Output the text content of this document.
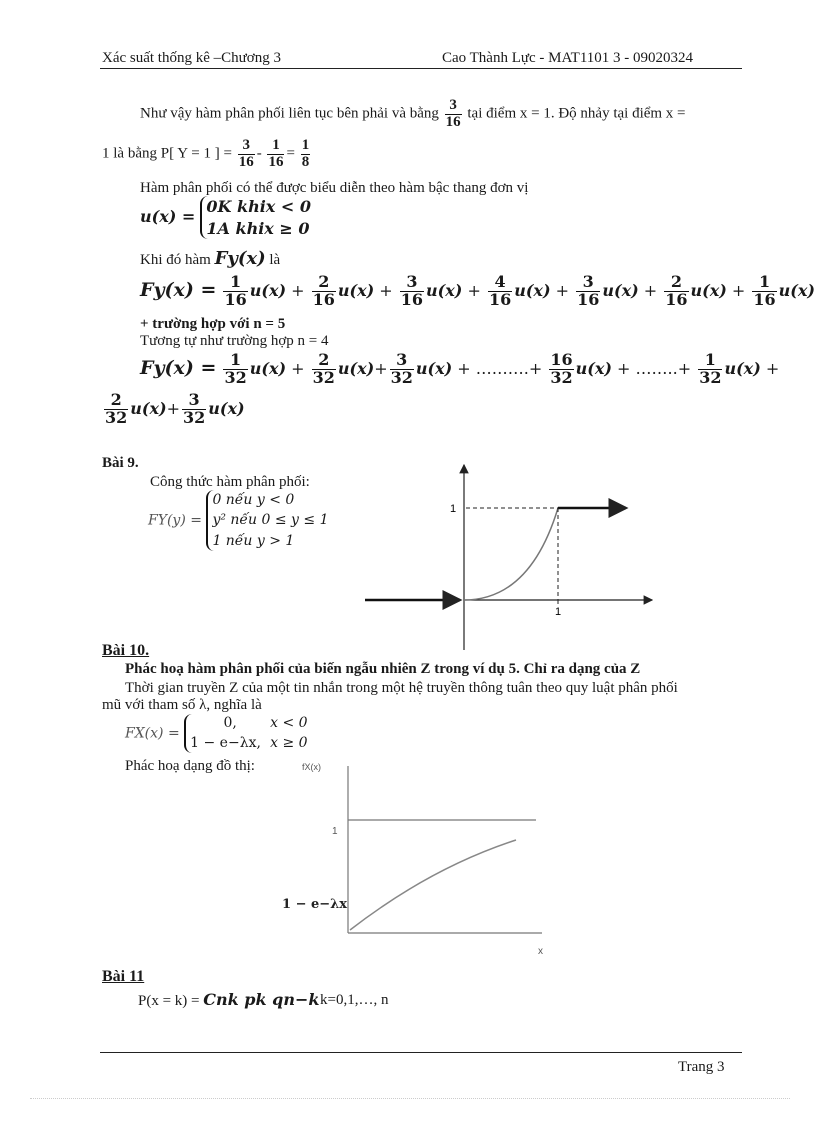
Xác suất thống kê –Chương 3	Cao Thành Lực - MAT1101 3 - 09020324
Như vậy hàm phân phối liên tục bên phải và bằng $\frac{3}{16}$ tại điểm x = 1. Độ nhảy tại điểm x =
1 là bằng P[ Y = 1 ] = $\frac{3}{16} - \frac{1}{16} = \frac{1}{8}$
Hàm phân phối có thể được biểu diễn theo hàm bậc thang đơn vị
u(x) =
0K khix < 0
1A khix ≥ 0
Khi đó hàm Fy(x) là
$Fy(x) = \frac{1}{16} u(x) + \frac{2}{16} u(x) + \frac{3}{16} u(x) + \frac{4}{16} u(x) + \frac{3}{16} u(x) + \frac{2}{16} u(x) + \frac{1}{16} u(x)$
+ trường hợp với n = 5
Tương tự như trường hợp n = 4
$Fy(x) = \frac{1}{32} u(x) + \frac{2}{32} u(x)+ \frac{3}{32} u(x)$ + ……….+ $\frac{16}{32} u(x)$ + ……..+ $\frac{1}{32} u(x)$ +
$\frac{2}{32} u(x)+ \frac{3}{32} u(x)$
Bài 9.
Công thức hàm phân phối:
FY(y) =
0 nếu y < 0
y² nếu 0 ≤ y ≤ 1
1 nếu y > 1
1
1
Bài 10.
Phác hoạ hàm phân phối của biến ngẫu nhiên Z trong ví dụ 5. Chỉ ra dạng của Z
Thời gian truyền Z của một tin nhắn trong một hệ truyền thông tuân theo quy luật phân phối
mũ với tham số λ, nghĩa là
FX(x) =
0, x < 0
1 − e−λx, x ≥ 0
Phác hoạ dạng đồ thị:	fX(x)
1
1 − e−λx
x
Bài 11
P(x = k) = Cnk pk qn−k k=0,1,…, n
Trang 3
